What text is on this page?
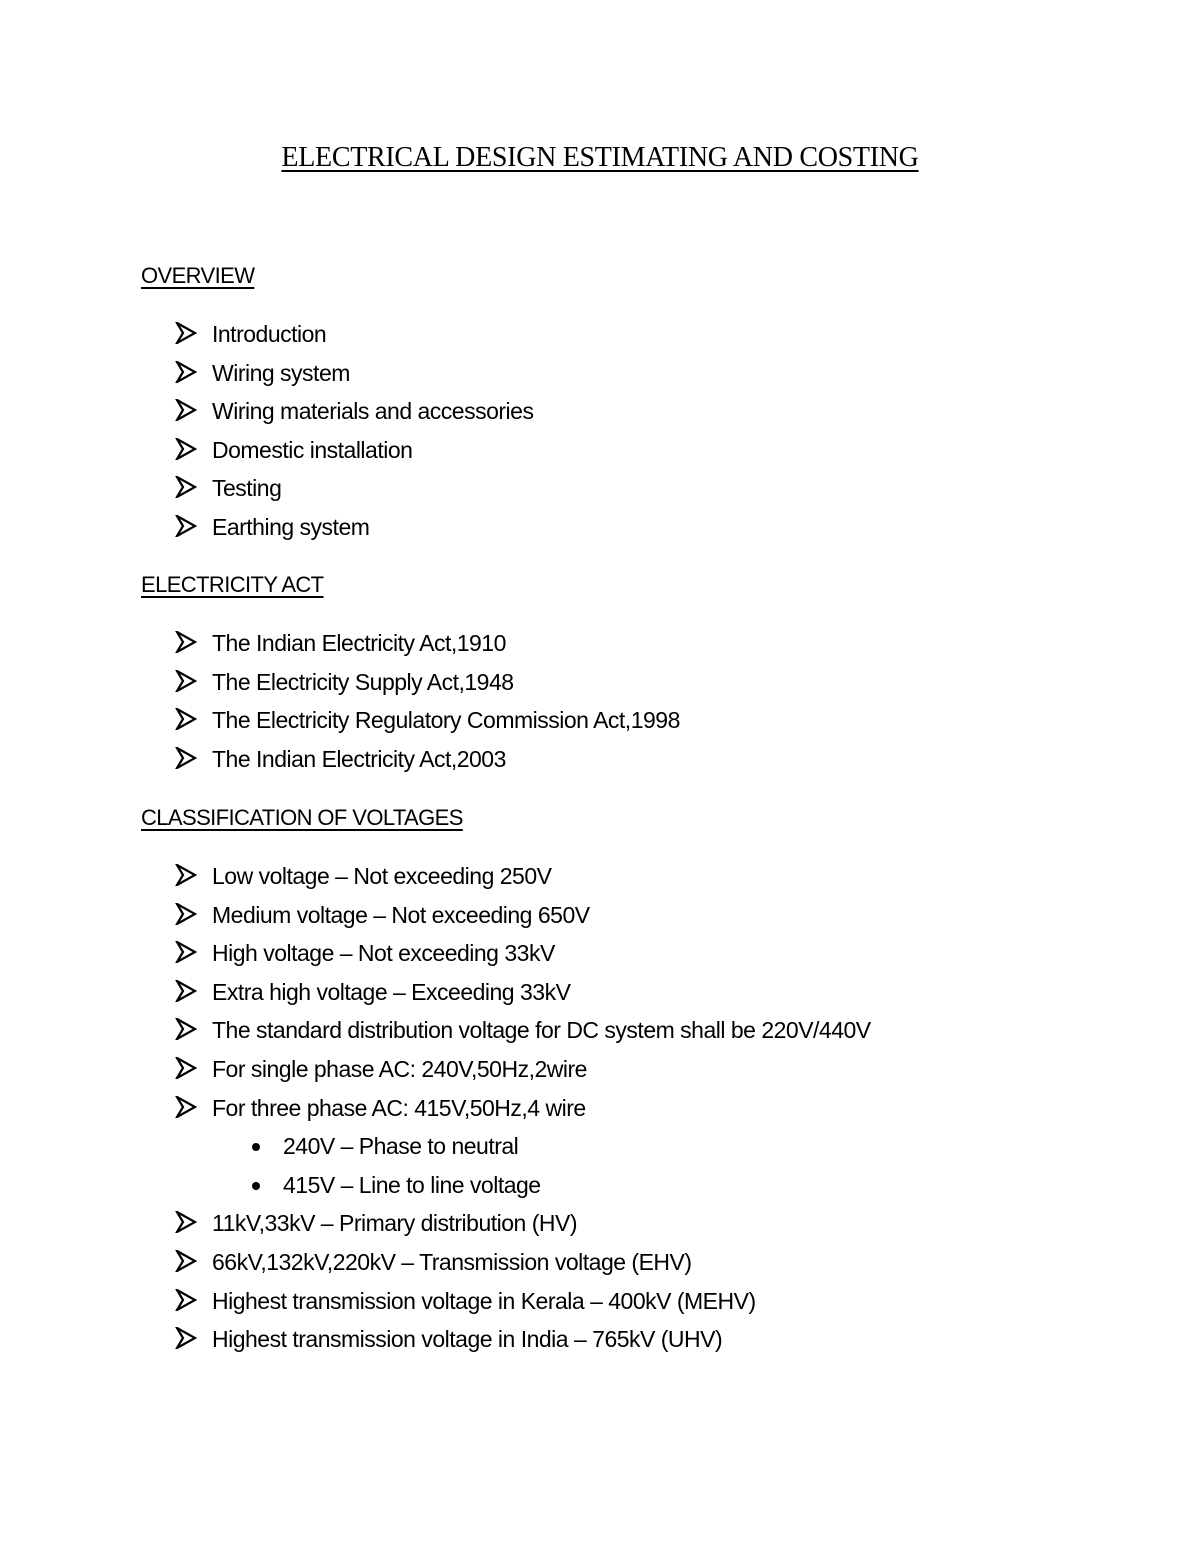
ELECTRICAL DESIGN ESTIMATING AND COSTING
OVERVIEW
Introduction
Wiring system
Wiring materials and accessories
Domestic installation
Testing
Earthing system
ELECTRICITY ACT
The Indian Electricity Act,1910
The Electricity Supply Act,1948
The Electricity Regulatory Commission Act,1998
The Indian Electricity Act,2003
CLASSIFICATION OF VOLTAGES
Low voltage – Not exceeding 250V
Medium voltage – Not exceeding 650V
High voltage – Not exceeding 33kV
Extra high voltage – Exceeding 33kV
The standard distribution voltage for DC system shall be 220V/440V
For single phase AC: 240V,50Hz,2wire
For three phase AC: 415V,50Hz,4 wire
240V – Phase to neutral
415V – Line to line voltage
11kV,33kV – Primary distribution (HV)
66kV,132kV,220kV – Transmission voltage (EHV)
Highest transmission voltage in Kerala – 400kV (MEHV)
Highest transmission voltage in India – 765kV (UHV)
